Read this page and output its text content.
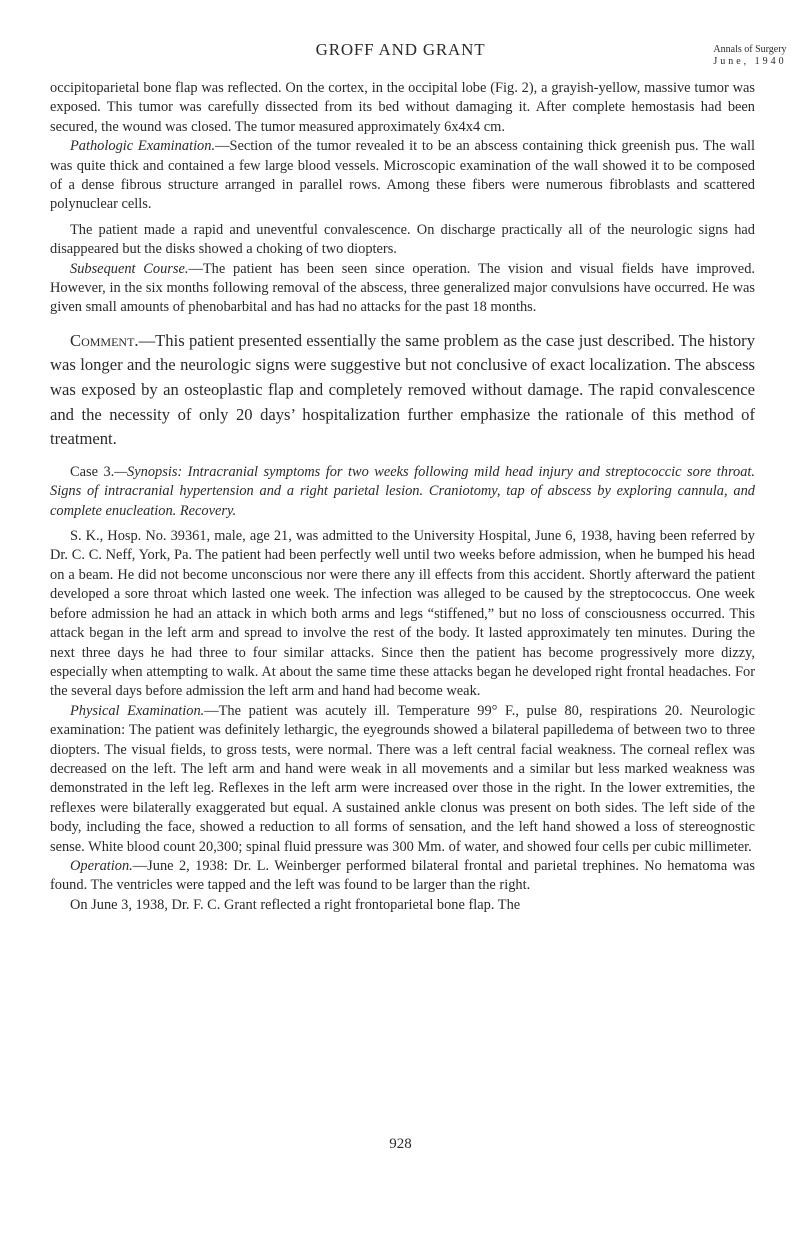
GROFF AND GRANT	Annals of Surgery
June, 1940

occipitoparietal bone flap was reflected. On the cortex, in the occipital lobe (Fig. 2), a grayish-yellow, massive tumor was exposed. This tumor was carefully dissected from its bed without damaging it. After complete hemostasis had been secured, the wound was closed. The tumor measured approximately 6x4x4 cm.

Pathologic Examination.—Section of the tumor revealed it to be an abscess containing thick greenish pus. The wall was quite thick and contained a few large blood vessels. Microscopic examination of the wall showed it to be composed of a dense fibrous structure arranged in parallel rows. Among these fibers were numerous fibroblasts and scattered polynuclear cells.

The patient made a rapid and uneventful convalescence. On discharge practically all of the neurologic signs had disappeared but the disks showed a choking of two diopters.

Subsequent Course.—The patient has been seen since operation. The vision and visual fields have improved. However, in the six months following removal of the abscess, three generalized major convulsions have occurred. He was given small amounts of phenobarbital and has had no attacks for the past 18 months.

Comment.—This patient presented essentially the same problem as the case just described. The history was longer and the neurologic signs were suggestive but not conclusive of exact localization. The abscess was exposed by an osteoplastic flap and completely removed without damage. The rapid convalescence and the necessity of only 20 days’ hospitalization further emphasize the rationale of this method of treatment.

Case 3.—Synopsis: Intracranial symptoms for two weeks following mild head injury and streptococcic sore throat. Signs of intracranial hypertension and a right parietal lesion. Craniotomy, tap of abscess by exploring cannula, and complete enucleation. Recovery.

S. K., Hosp. No. 39361, male, age 21, was admitted to the University Hospital, June 6, 1938, having been referred by Dr. C. C. Neff, York, Pa. The patient had been perfectly well until two weeks before admission, when he bumped his head on a beam. He did not become unconscious nor were there any ill effects from this accident. Shortly afterward the patient developed a sore throat which lasted one week. The infection was alleged to be caused by the streptococcus. One week before admission he had an attack in which both arms and legs “stiffened,” but no loss of consciousness occurred. This attack began in the left arm and spread to involve the rest of the body. It lasted approximately ten minutes. During the next three days he had three to four similar attacks. Since then the patient has become progressively more dizzy, especially when attempting to walk. At about the same time these attacks began he developed right frontal headaches. For the several days before admission the left arm and hand had become weak.

Physical Examination.—The patient was acutely ill. Temperature 99° F., pulse 80, respirations 20. Neurologic examination: The patient was definitely lethargic, the eyegrounds showed a bilateral papilledema of between two to three diopters. The visual fields, to gross tests, were normal. There was a left central facial weakness. The corneal reflex was decreased on the left. The left arm and hand were weak in all movements and a similar but less marked weakness was demonstrated in the left leg. Reflexes in the left arm were increased over those in the right. In the lower extremities, the reflexes were bilaterally exaggerated but equal. A sustained ankle clonus was present on both sides. The left side of the body, including the face, showed a reduction to all forms of sensation, and the left hand showed a loss of stereognostic sense. White blood count 20,300; spinal fluid pressure was 300 Mm. of water, and showed four cells per cubic millimeter.

Operation.—June 2, 1938: Dr. L. Weinberger performed bilateral frontal and parietal trephines. No hematoma was found. The ventricles were tapped and the left was found to be larger than the right.

On June 3, 1938, Dr. F. C. Grant reflected a right frontoparietal bone flap. The

928
